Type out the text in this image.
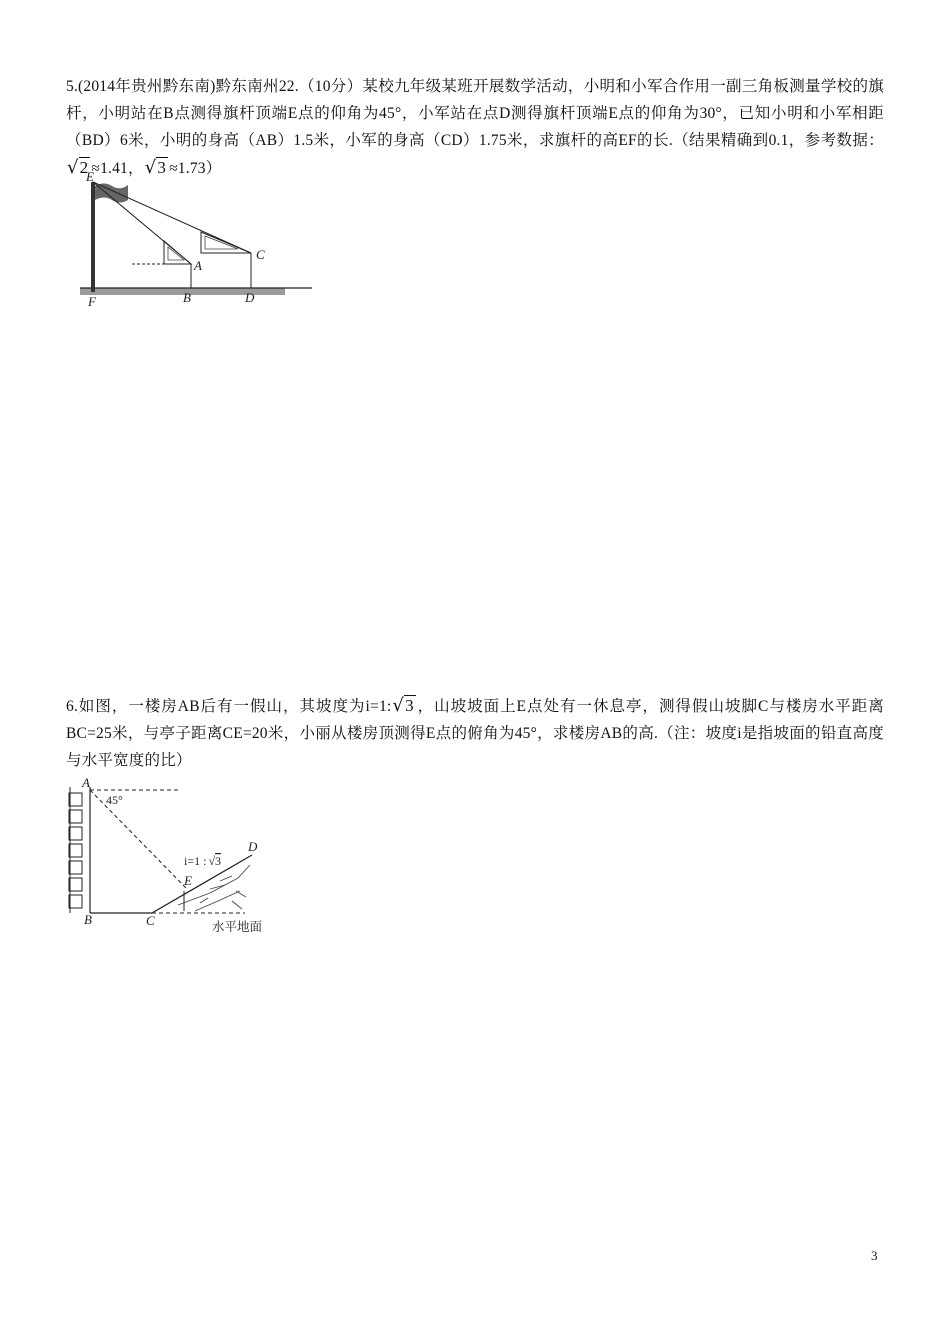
5.(2014年贵州黔东南)黔东南州22.（10分）某校九年级某班开展数学活动，小明和小军合作用一副三角板测量学校的旗杆，小明站在B点测得旗杆顶端E点的仰角为45°，小军站在点D测得旗杆顶端E点的仰角为30°，已知小明和小军相距（BD）6米，小明的身高（AB）1.5米，小军的身高（CD）1.75米，求旗杆的高EF的长.（结果精确到0.1，参考数据：√2 ≈1.41，√3 ≈1.73）

E
A
C
F	B	D

6.如图，一楼房AB后有一假山，其坡度为i=1:√3 ，山坡坡面上E点处有一休息亭，测得假山坡脚C与楼房水平距离BC=25米，与亭子距离CE=20米，小丽从楼房顶测得E点的俯角为45°，求楼房AB的高.（注：坡度i是指坡面的铅直高度与水平宽度的比）

A
45°
D
i=1 : √3
E
B	C	水平地面
3
